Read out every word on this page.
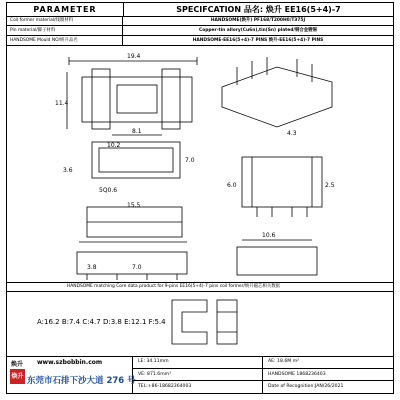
PARAMETER	SPECIFCATION 品名: 焕升 EE16(5+4)-7
Coil former material/线圈材料	HANDSOME(焕升) PF168/T200H0/T375J
Pin material/脚子材料	Copper-tin allory(Cu6n),tin(Sn) plated/铜合金镀锡
HANDSOME Mould NO/焕升品名	HANDSOME-EE16(5+4)-7 PINS 焕升-EE16(5+4)-7 PINS
19.4
11.4
8.1	4.3
10.2
7.0
3.6
5Q0.6
15.5
10.6
3.8	7.0
6.0	2.5
HANDSOME matching Core data product for 9-pins EE16(5+4)-7 pins coil former/焕升磁芯相关数据
A:16.2 B:7.4 C:4.7 D:3.8 E:12.1 F:5.4
焕升 www.szbobbin.com
焕升 东莞市石排下沙大道 276 号
LE: 34.11mm	AE: 18.6M m²
VE: 871.6mm³	HANDSOME 1868236403
TEL:+86-18682364003	Date of Recognition:JAN/26/2021
